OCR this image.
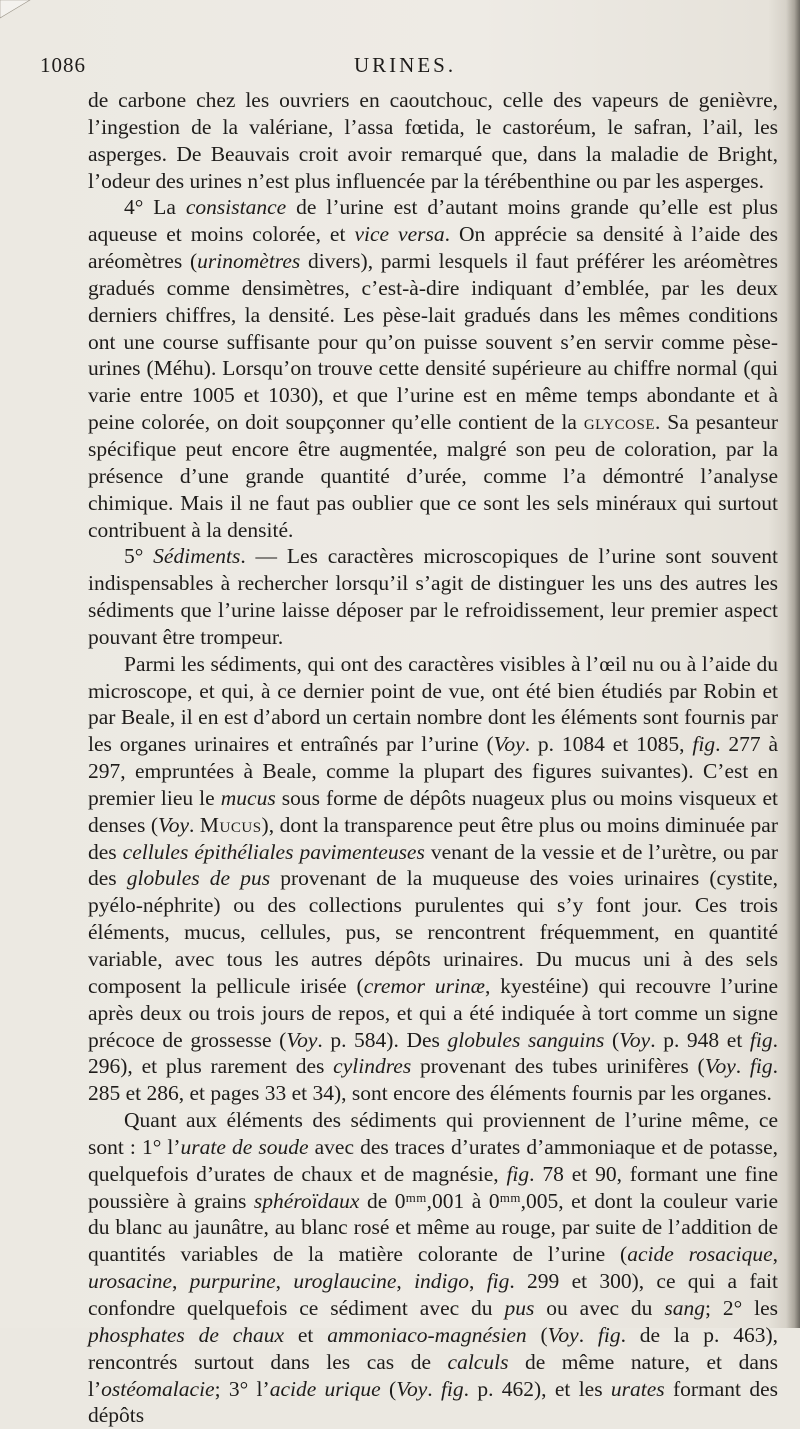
1086	URINES.

de carbone chez les ouvriers en caoutchouc, celle des vapeurs de genièvre, l’ingestion de la valériane, l’assa fœtida, le castoréum, le safran, l’ail, les asperges. De Beauvais croit avoir remarqué que, dans la maladie de Bright, l’odeur des urines n’est plus influencée par la térébenthine ou par les asperges.

4° La consistance de l’urine est d’autant moins grande qu’elle est plus aqueuse et moins colorée, et vice versa. On apprécie sa densité à l’aide des aréomètres (urinomètres divers), parmi lesquels il faut préférer les aréomètres gradués comme densimètres, c’est-à-dire indiquant d’emblée, par les deux derniers chiffres, la densité. Les pèse-lait gradués dans les mêmes conditions ont une course suffisante pour qu’on puisse souvent s’en servir comme pèse-urines (Méhu). Lorsqu’on trouve cette densité supérieure au chiffre normal (qui varie entre 1005 et 1030), et que l’urine est en même temps abondante et à peine colorée, on doit soupçonner qu’elle contient de la glycose. Sa pesanteur spécifique peut encore être augmentée, malgré son peu de coloration, par la présence d’une grande quantité d’urée, comme l’a démontré l’analyse chimique. Mais il ne faut pas oublier que ce sont les sels minéraux qui surtout contribuent à la densité.

5° Sédiments. — Les caractères microscopiques de l’urine sont souvent indispensables à rechercher lorsqu’il s’agit de distinguer les uns des autres les sédiments que l’urine laisse déposer par le refroidissement, leur premier aspect pouvant être trompeur.

Parmi les sédiments, qui ont des caractères visibles à l’œil nu ou à l’aide du microscope, et qui, à ce dernier point de vue, ont été bien étudiés par Robin et par Beale, il en est d’abord un certain nombre dont les éléments sont fournis par les organes urinaires et entraînés par l’urine (Voy. p. 1084 et 1085, fig. 277 à 297, empruntées à Beale, comme la plupart des figures suivantes). C’est en premier lieu le mucus sous forme de dépôts nuageux plus ou moins visqueux et denses (Voy. Mucus), dont la transparence peut être plus ou moins diminuée par des cellules épithéliales pavimenteuses venant de la vessie et de l’urètre, ou par des globules de pus provenant de la muqueuse des voies urinaires (cystite, pyélo-néphrite) ou des collections purulentes qui s’y font jour. Ces trois éléments, mucus, cellules, pus, se rencontrent fréquemment, en quantité variable, avec tous les autres dépôts urinaires. Du mucus uni à des sels composent la pellicule irisée (cremor urinæ, kyestéine) qui recouvre l’urine après deux ou trois jours de repos, et qui a été indiquée à tort comme un signe précoce de grossesse (Voy. p. 584). Des globules sanguins (Voy. p. 948 et fig. 296), et plus rarement des cylindres provenant des tubes urinifères (Voy. fig. 285 et 286, et pages 33 et 34), sont encore des éléments fournis par les organes.

Quant aux éléments des sédiments qui proviennent de l’urine même, ce sont : 1° l’urate de soude avec des traces d’urates d’ammoniaque et de potasse, quelquefois d’urates de chaux et de magnésie, fig. 78 et 90, formant une fine poussière à grains sphéroïdaux de 0ᵐᵐ,001 à 0ᵐᵐ,005, et dont la couleur varie du blanc au jaunâtre, au blanc rosé et même au rouge, par suite de l’addition de quantités variables de la matière colorante de l’urine (acide rosacique, urosacine, purpurine, uroglaucine, indigo, fig. 299 et 300), ce qui a fait confondre quelquefois ce sédiment avec du pus ou avec du sang; 2° les phosphates de chaux et ammoniaco-magnésien (Voy. fig. de la p. 463), rencontrés surtout dans les cas de calculs de même nature, et dans l’ostéomalacie; 3° l’acide urique (Voy. fig. p. 462), et les urates formant des dépôts
